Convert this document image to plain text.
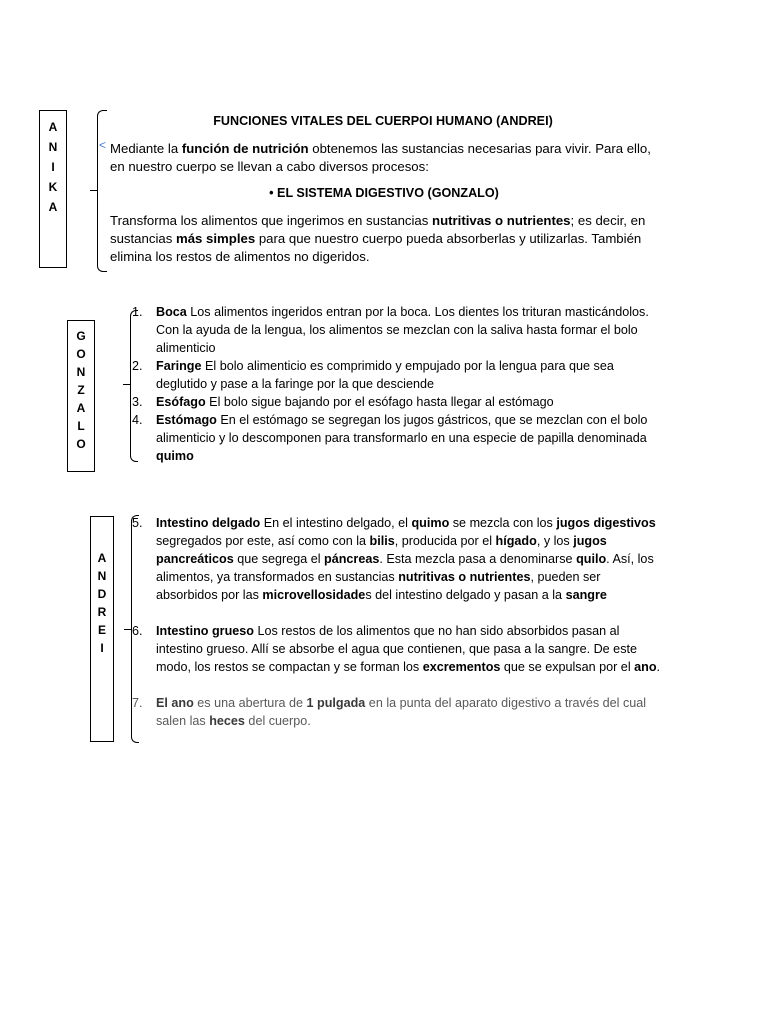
A
N
I
K
A
<
FUNCIONES VITALES DEL CUERPOI HUMANO (ANDREI)

Mediante la función de nutrición obtenemos las sustancias necesarias para vivir. Para ello, en nuestro cuerpo se llevan a cabo diversos procesos:

• EL SISTEMA DIGESTIVO (GONZALO)

Transforma los alimentos que ingerimos en sustancias nutritivas o nutrientes; es decir, en sustancias más simples para que nuestro cuerpo pueda absorberlas y utilizarlas. También elimina los restos de alimentos no digeridos.

G
O
N
Z
A
L
O
1.	Boca Los alimentos ingeridos entran por la boca. Los dientes los trituran masticándolos. Con la ayuda de la lengua, los alimentos se mezclan con la saliva hasta formar el bolo alimenticio
2.	Faringe El bolo alimenticio es comprimido y empujado por la lengua para que sea deglutido y pase a la faringe por la que desciende
3.	Esófago El bolo sigue bajando por el esófago hasta llegar al estómago
4.	Estómago En el estómago se segregan los jugos gástricos, que se mezclan con el bolo alimenticio y lo descomponen para transformarlo en una especie de papilla denominada quimo
A
N
D
R
E
I
5.	Intestino delgado En el intestino delgado, el quimo se mezcla con los jugos digestivos segregados por este, así como con la bilis, producida por el hígado, y los jugos pancreáticos que segrega el páncreas. Esta mezcla pasa a denominarse quilo. Así, los alimentos, ya transformados en sustancias nutritivas o nutrientes, pueden ser absorbidos por las microvellosidades del intestino delgado y pasan a la sangre
6.	Intestino grueso Los restos de los alimentos que no han sido absorbidos pasan al intestino grueso. Allí se absorbe el agua que contienen, que pasa a la sangre. De este modo, los restos se compactan y se forman los excrementos que se expulsan por el ano.
7.	El ano es una abertura de 1 pulgada en la punta del aparato digestivo a través del cual salen las heces del cuerpo.
